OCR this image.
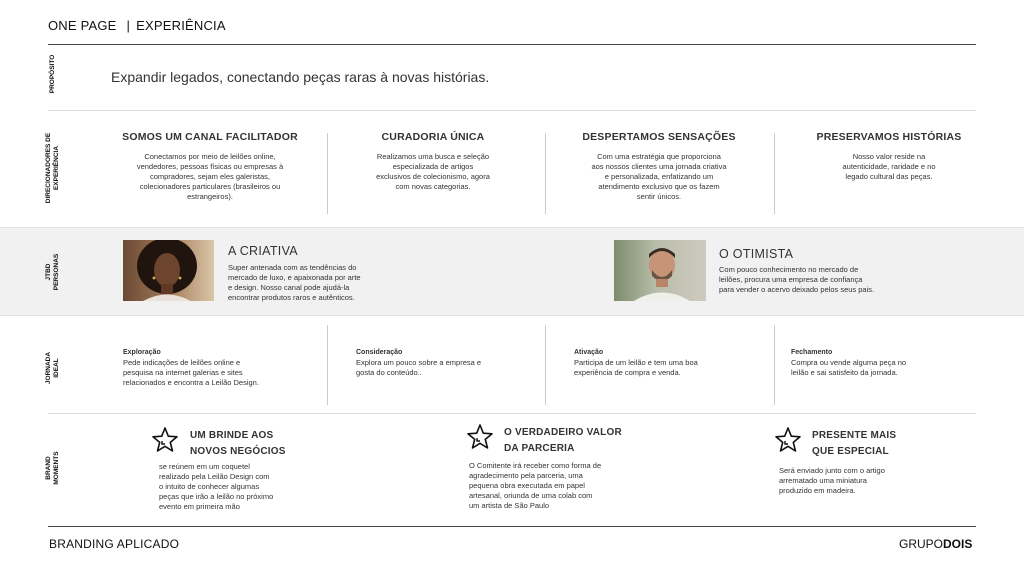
ONE PAGE | EXPERIÊNCIA
PROPÓSITO	Expandir legados, conectando peças raras à novas histórias.
DIRECIONADORES DE EXPERIÊNCIA
SOMOS UM CANAL FACILITADOR
Conectamos por meio de leilões online,
vendedores, pessoas físicas ou empresas à
compradores, sejam eles galeristas,
colecionadores particulares (brasileiros ou
estrangeiros).
CURADORIA ÚNICA
Realizamos uma busca e seleção
especializada de artigos
exclusivos de colecionismo, agora
com novas categorias.
DESPERTAMOS SENSAÇÕES
Com uma estratégia que proporciona
aos nossos clientes uma jornada criativa
e personalizada, enfatizando um
atendimento exclusivo que os fazem
sentir únicos.
PRESERVAMOS HISTÓRIAS
Nosso valor reside na
autenticidade, raridade e no
legado cultural das peças.
JTBD PERSONAS
A CRIATIVA
Super antenada com as tendências do
mercado de luxo, e apaixonada por arte
e design. Nosso canal pode ajudá-la
encontrar produtos raros e autênticos.
O OTIMISTA
Com pouco conhecimento no mercado de
leilões, procura uma empresa de confiança
para vender o acervo deixado pelos seus pais.
JORNADA IDEAL
Exploração
Pede indicações de leilões online e
pesquisa na internet galerias e sites
relacionados e encontra a Leilão Design.
Consideração
Explora um pouco sobre a empresa e
gosta do conteúdo..
Ativação
Participa de um leilão e tem uma boa
experiência de compra e venda.
Fechamento
Compra ou vende alguma peça no
leilão e sai satisfeito da jornada.
BRAND MOMENTS
UM BRINDE AOS
NOVOS NEGÓCIOS
se reúnem em um coquetel
realizado pela Leilão Design com
o intuito de conhecer algumas
peças que irão a leilão no próximo
evento em primeira mão
O VERDADEIRO VALOR
DA PARCERIA
O Comitente irá receber como forma de
agradecimento pela parceria, uma
pequena obra executada em papel
artesanal, oriunda de uma colab com
um artista de São Paulo
PRESENTE MAIS
QUE ESPECIAL
Será enviado junto com o artigo
arrematado uma miniatura
produzido em madeira.
BRANDING APLICADO	GRUPODOIS
